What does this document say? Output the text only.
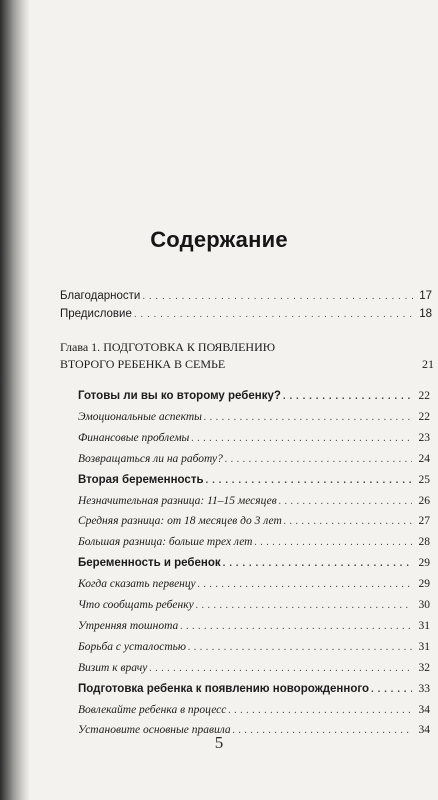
Содержание
Благодарности . . .	17
Предисловие . . .	18
Глава 1. ПОДГОТОВКА К ПОЯВЛЕНИЮ
ВТОРОГО РЕБЕНКА В СЕМЬЕ	21
Готовы ли вы ко второму ребенку? . . .	22
Эмоциональные аспекты . . .	22
Финансовые проблемы . . .	23
Возвращаться ли на работу? . . .	24
Вторая беременность . . .	25
Незначительная разница: 11–15 месяцев . . .	26
Средняя разница: от 18 месяцев до 3 лет . . .	27
Большая разница: больше трех лет . . .	28
Беременность и ребенок . . .	29
Когда сказать первенцу . . .	29
Что сообщать ребенку . . .	30
Утренняя тошнота . . .	31
Борьба с усталостью . . .	31
Визит к врачу . . .	32
Подготовка ребенка к появлению новорожденного . . .	33
Вовлекайте ребенка в процесс . . .	34
Установите основные правила . . .	34
5
